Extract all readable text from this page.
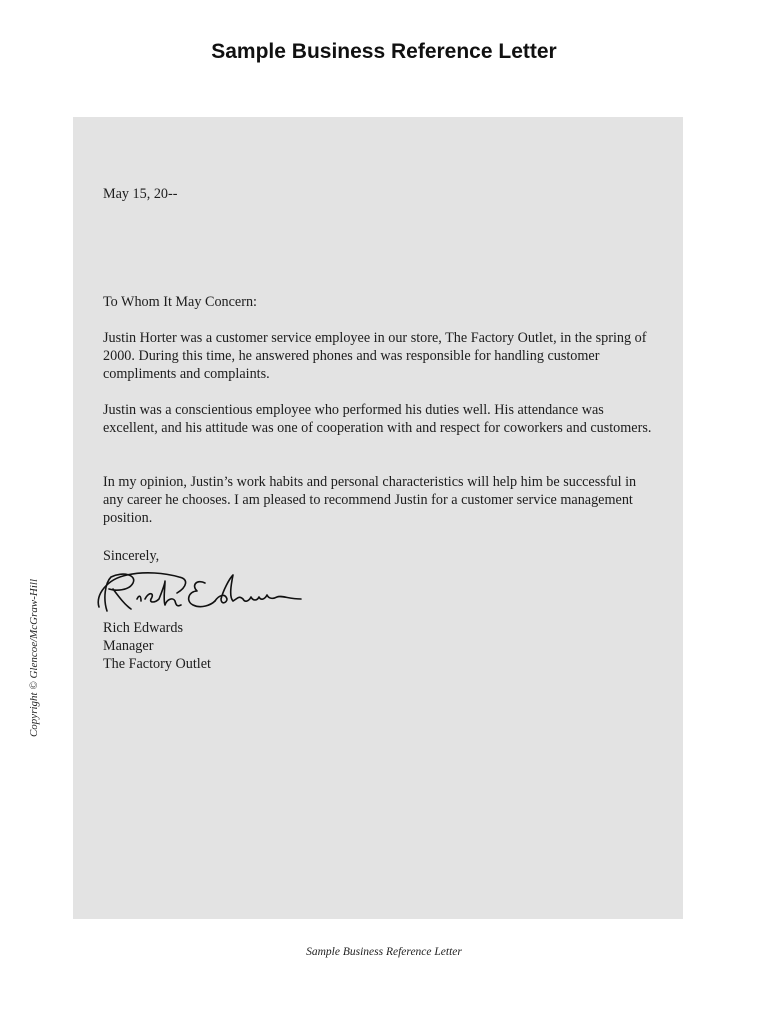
Sample Business Reference Letter
May 15, 20--
To Whom It May Concern:

Justin Horter was a customer service employee in our store, The Factory Outlet, in the spring of 2000. During this time, he answered phones and was responsible for handling customer compliments and complaints.

Justin was a conscientious employee who performed his duties well. His attendance was excellent, and his attitude was one of cooperation with and respect for coworkers and customers.

In my opinion, Justin’s work habits and personal characteristics will help him be successful in any career he chooses. I am pleased to recommend Justin for a customer service management position.

Sincerely,
Rich Edwards
Manager
The Factory Outlet
Copyright © Glencoe/McGraw-Hill
Sample Business Reference Letter
